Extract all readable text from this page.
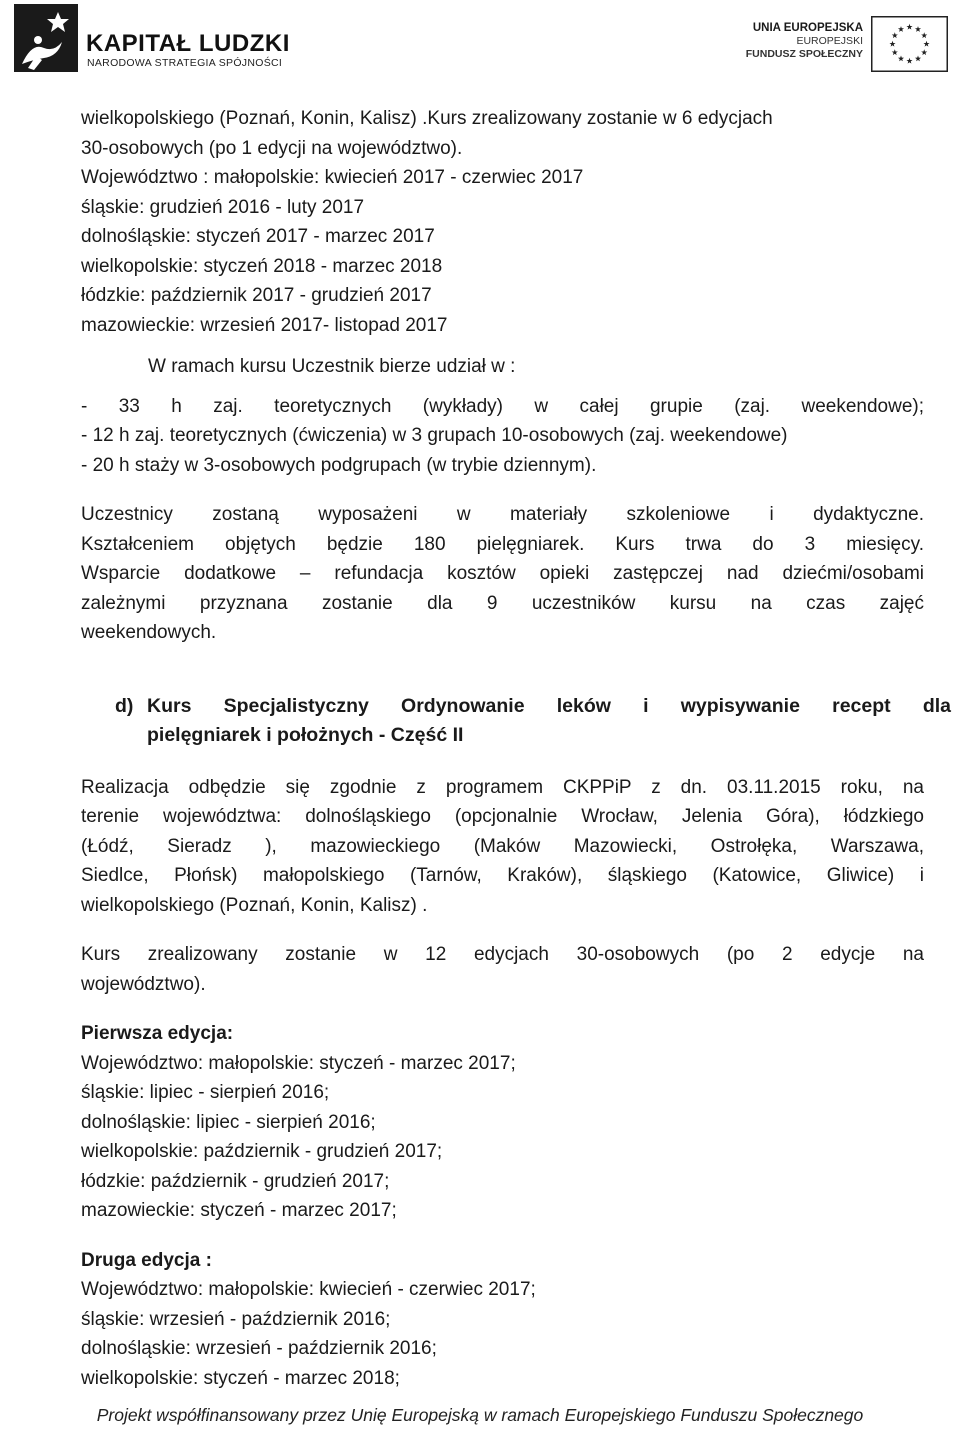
KAPITAŁ LUDZKI
NARODOWA STRATEGIA SPÓJNOŚCI
UNIA EUROPEJSKA
EUROPEJSKI
FUNDUSZ SPOŁECZNY

wielkopolskiego (Poznań, Konin, Kalisz) .Kurs zrealizowany zostanie w 6 edycjach

30-osobowych (po 1 edycji na województwo).

Województwo : małopolskie: kwiecień 2017 - czerwiec 2017

śląskie: grudzień 2016 - luty 2017

dolnośląskie: styczeń 2017 - marzec 2017

wielkopolskie: styczeń 2018 - marzec 2018

łódzkie: październik 2017 - grudzień 2017

mazowieckie: wrzesień 2017- listopad 2017

W ramach kursu Uczestnik bierze udział w :

- 33 h zaj. teoretycznych (wykłady) w całej grupie (zaj. weekendowe);

- 12 h zaj. teoretycznych (ćwiczenia) w 3 grupach 10-osobowych (zaj. weekendowe)

- 20 h staży w 3-osobowych podgrupach (w trybie dziennym).

Uczestnicy zostaną wyposażeni w materiały szkoleniowe i dydaktyczne.

Kształceniem objętych będzie 180 pielęgniarek. Kurs trwa do 3 miesięcy.

Wsparcie dodatkowe – refundacja kosztów opieki zastępczej nad dziećmi/osobami

zależnymi przyznana zostanie dla 9 uczestników kursu na czas zajęć

weekendowych.

d) Kurs Specjalistyczny Ordynowanie leków i wypisywanie recept dla
pielęgniarek i położnych - Część II

Realizacja odbędzie się zgodnie z programem CKPPiP z dn. 03.11.2015 roku, na

terenie województwa: dolnośląskiego (opcjonalnie Wrocław, Jelenia Góra), łódzkiego

(Łódź, Sieradz ), mazowieckiego (Maków Mazowiecki, Ostrołęka, Warszawa,

Siedlce, Płońsk) małopolskiego (Tarnów, Kraków), śląskiego (Katowice, Gliwice) i

wielkopolskiego (Poznań, Konin, Kalisz) .

Kurs zrealizowany zostanie w 12 edycjach 30-osobowych (po 2 edycje na

województwo).

Pierwsza edycja:

Województwo: małopolskie: styczeń - marzec 2017;

śląskie: lipiec - sierpień 2016;

dolnośląskie: lipiec - sierpień 2016;

wielkopolskie: październik - grudzień 2017;

łódzkie: październik - grudzień 2017;

mazowieckie: styczeń - marzec 2017;

Druga edycja :

Województwo: małopolskie: kwiecień - czerwiec 2017;

śląskie: wrzesień - październik 2016;

dolnośląskie: wrzesień - październik 2016;

wielkopolskie: styczeń - marzec 2018;

Projekt współfinansowany przez Unię Europejską w ramach Europejskiego Funduszu Społecznego
